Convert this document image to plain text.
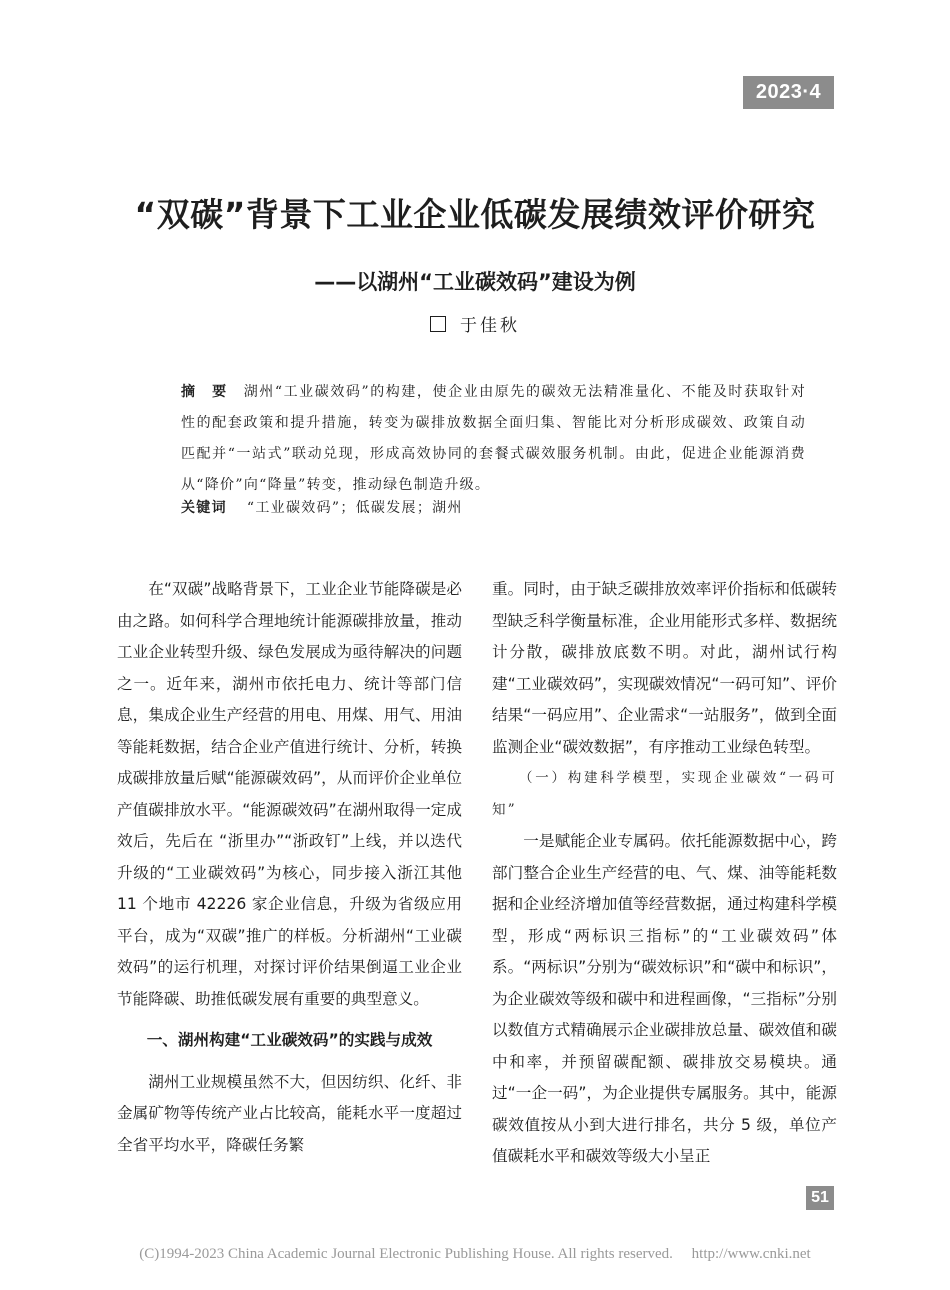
2023·4
“双碳”背景下工业企业低碳发展绩效评价研究
——以湖州“工业碳效码”建设为例
于佳秋

摘　要 湖州“工业碳效码”的构建，使企业由原先的碳效无法精准量化、不能及时获取针对性的配套政策和提升措施，转变为碳排放数据全面归集、智能比对分析形成碳效、政策自动匹配并“一站式”联动兑现，形成高效协同的套餐式碳效服务机制。由此，促进企业能源消费从“降价”向“降量”转变，推动绿色制造升级。

关键词 “工业碳效码”；低碳发展；湖州

在“双碳”战略背景下，工业企业节能降碳是必由之路。如何科学合理地统计能源碳排放量，推动工业企业转型升级、绿色发展成为亟待解决的问题之一。近年来，湖州市依托电力、统计等部门信息，集成企业生产经营的用电、用煤、用气、用油等能耗数据，结合企业产值进行统计、分析，转换成碳排放量后赋“能源碳效码”，从而评价企业单位产值碳排放水平。“能源碳效码”在湖州取得一定成效后，先后在 “浙里办”“浙政钉”上线，并以迭代升级的“工业碳效码”为核心，同步接入浙江其他 11 个地市 42226 家企业信息，升级为省级应用平台，成为“双碳”推广的样板。分析湖州“工业碳效码”的运行机理，对探讨评价结果倒逼工业企业节能降碳、助推低碳发展有重要的典型意义。

一、湖州构建“工业碳效码”的实践与成效

湖州工业规模虽然不大，但因纺织、化纤、非金属矿物等传统产业占比较高，能耗水平一度超过全省平均水平，降碳任务繁

重。同时，由于缺乏碳排放效率评价指标和低碳转型缺乏科学衡量标准，企业用能形式多样、数据统计分散，碳排放底数不明。对此，湖州试行构建“工业碳效码”，实现碳效情况“一码可知”、评价结果“一码应用”、企业需求“一站服务”，做到全面监测企业“碳效数据”，有序推动工业绿色转型。

（一）构建科学模型，实现企业碳效“一码可知”

一是赋能企业专属码。依托能源数据中心，跨部门整合企业生产经营的电、气、煤、油等能耗数据和企业经济增加值等经营数据，通过构建科学模型，形成“两标识三指标”的“工业碳效码”体系。“两标识”分别为“碳效标识”和“碳中和标识”，为企业碳效等级和碳中和进程画像，“三指标”分别以数值方式精确展示企业碳排放总量、碳效值和碳中和率，并预留碳配额、碳排放交易模块。通过“一企一码”，为企业提供专属服务。其中，能源碳效值按从小到大进行排名，共分 5 级，单位产值碳耗水平和碳效等级大小呈正

51
(C)1994-2023 China Academic Journal Electronic Publishing House. All rights reserved.　 http://www.cnki.net
